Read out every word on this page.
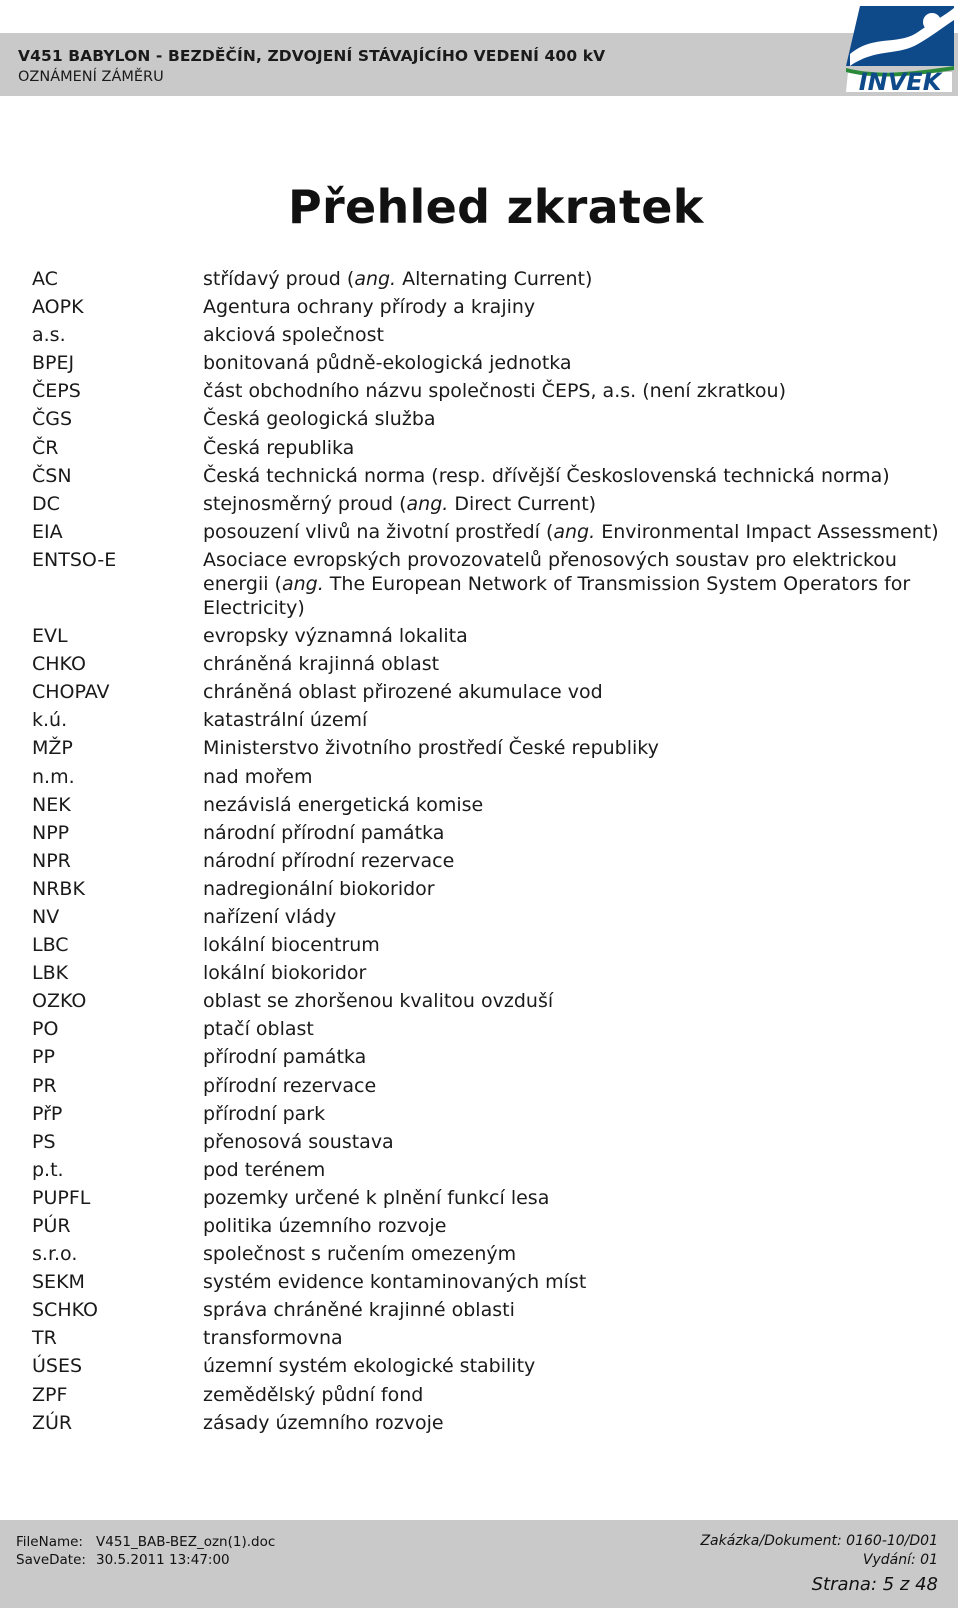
V451 BABYLON - BEZDĚČÍN, ZDVOJENÍ STÁVAJÍCÍHO VEDENÍ 400 kV
OZNÁMENÍ ZÁMĚRU	INVEK
Přehled zkratek
AC	střídavý proud (ang. Alternating Current)
AOPK	Agentura ochrany přírody a krajiny
a.s.	akciová společnost
BPEJ	bonitovaná půdně-ekologická jednotka
ČEPS	část obchodního názvu společnosti ČEPS, a.s. (není zkratkou)
ČGS	Česká geologická služba
ČR	Česká republika
ČSN	Česká technická norma (resp. dřívější Československá technická norma)
DC	stejnosměrný proud (ang. Direct Current)
EIA	posouzení vlivů na životní prostředí (ang. Environmental Impact Assessment)
ENTSO-E	Asociace evropských provozovatelů přenosových soustav pro elektrickou energii (ang. The European Network of Transmission System Operators for Electricity)
EVL	evropsky významná lokalita
CHKO	chráněná krajinná oblast
CHOPAV	chráněná oblast přirozené akumulace vod
k.ú.	katastrální území
MŽP	Ministerstvo životního prostředí České republiky
n.m.	nad mořem
NEK	nezávislá energetická komise
NPP	národní přírodní památka
NPR	národní přírodní rezervace
NRBK	nadregionální biokoridor
NV	nařízení vlády
LBC	lokální biocentrum
LBK	lokální biokoridor
OZKO	oblast se zhoršenou kvalitou ovzduší
PO	ptačí oblast
PP	přírodní památka
PR	přírodní rezervace
PřP	přírodní park
PS	přenosová soustava
p.t.	pod terénem
PUPFL	pozemky určené k plnění funkcí lesa
PÚR	politika územního rozvoje
s.r.o.	společnost s ručením omezeným
SEKM	systém evidence kontaminovaných míst
SCHKO	správa chráněné krajinné oblasti
TR	transformovna
ÚSES	územní systém ekologické stability
ZPF	zemědělský půdní fond
ZÚR	zásady územního rozvoje
FileName: V451_BAB-BEZ_ozn(1).doc
SaveDate: 30.5.2011 13:47:00
Zakázka/Dokument: 0160-10/D01
Vydání: 01
Strana: 5 z 48
